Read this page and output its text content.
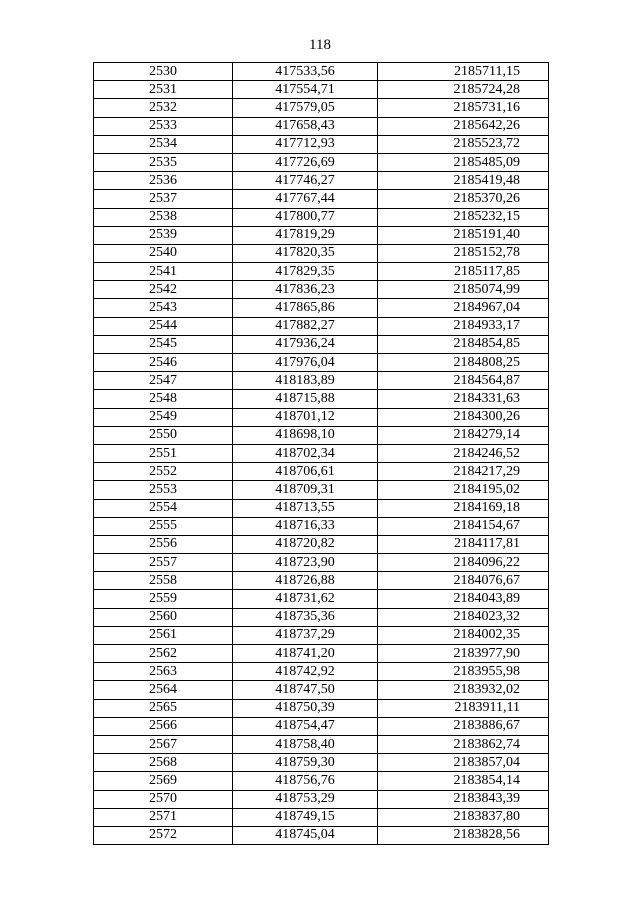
118
2530	417533,56	2185711,15
2531	417554,71	2185724,28
2532	417579,05	2185731,16
2533	417658,43	2185642,26
2534	417712,93	2185523,72
2535	417726,69	2185485,09
2536	417746,27	2185419,48
2537	417767,44	2185370,26
2538	417800,77	2185232,15
2539	417819,29	2185191,40
2540	417820,35	2185152,78
2541	417829,35	2185117,85
2542	417836,23	2185074,99
2543	417865,86	2184967,04
2544	417882,27	2184933,17
2545	417936,24	2184854,85
2546	417976,04	2184808,25
2547	418183,89	2184564,87
2548	418715,88	2184331,63
2549	418701,12	2184300,26
2550	418698,10	2184279,14
2551	418702,34	2184246,52
2552	418706,61	2184217,29
2553	418709,31	2184195,02
2554	418713,55	2184169,18
2555	418716,33	2184154,67
2556	418720,82	2184117,81
2557	418723,90	2184096,22
2558	418726,88	2184076,67
2559	418731,62	2184043,89
2560	418735,36	2184023,32
2561	418737,29	2184002,35
2562	418741,20	2183977,90
2563	418742,92	2183955,98
2564	418747,50	2183932,02
2565	418750,39	2183911,11
2566	418754,47	2183886,67
2567	418758,40	2183862,74
2568	418759,30	2183857,04
2569	418756,76	2183854,14
2570	418753,29	2183843,39
2571	418749,15	2183837,80
2572	418745,04	2183828,56
